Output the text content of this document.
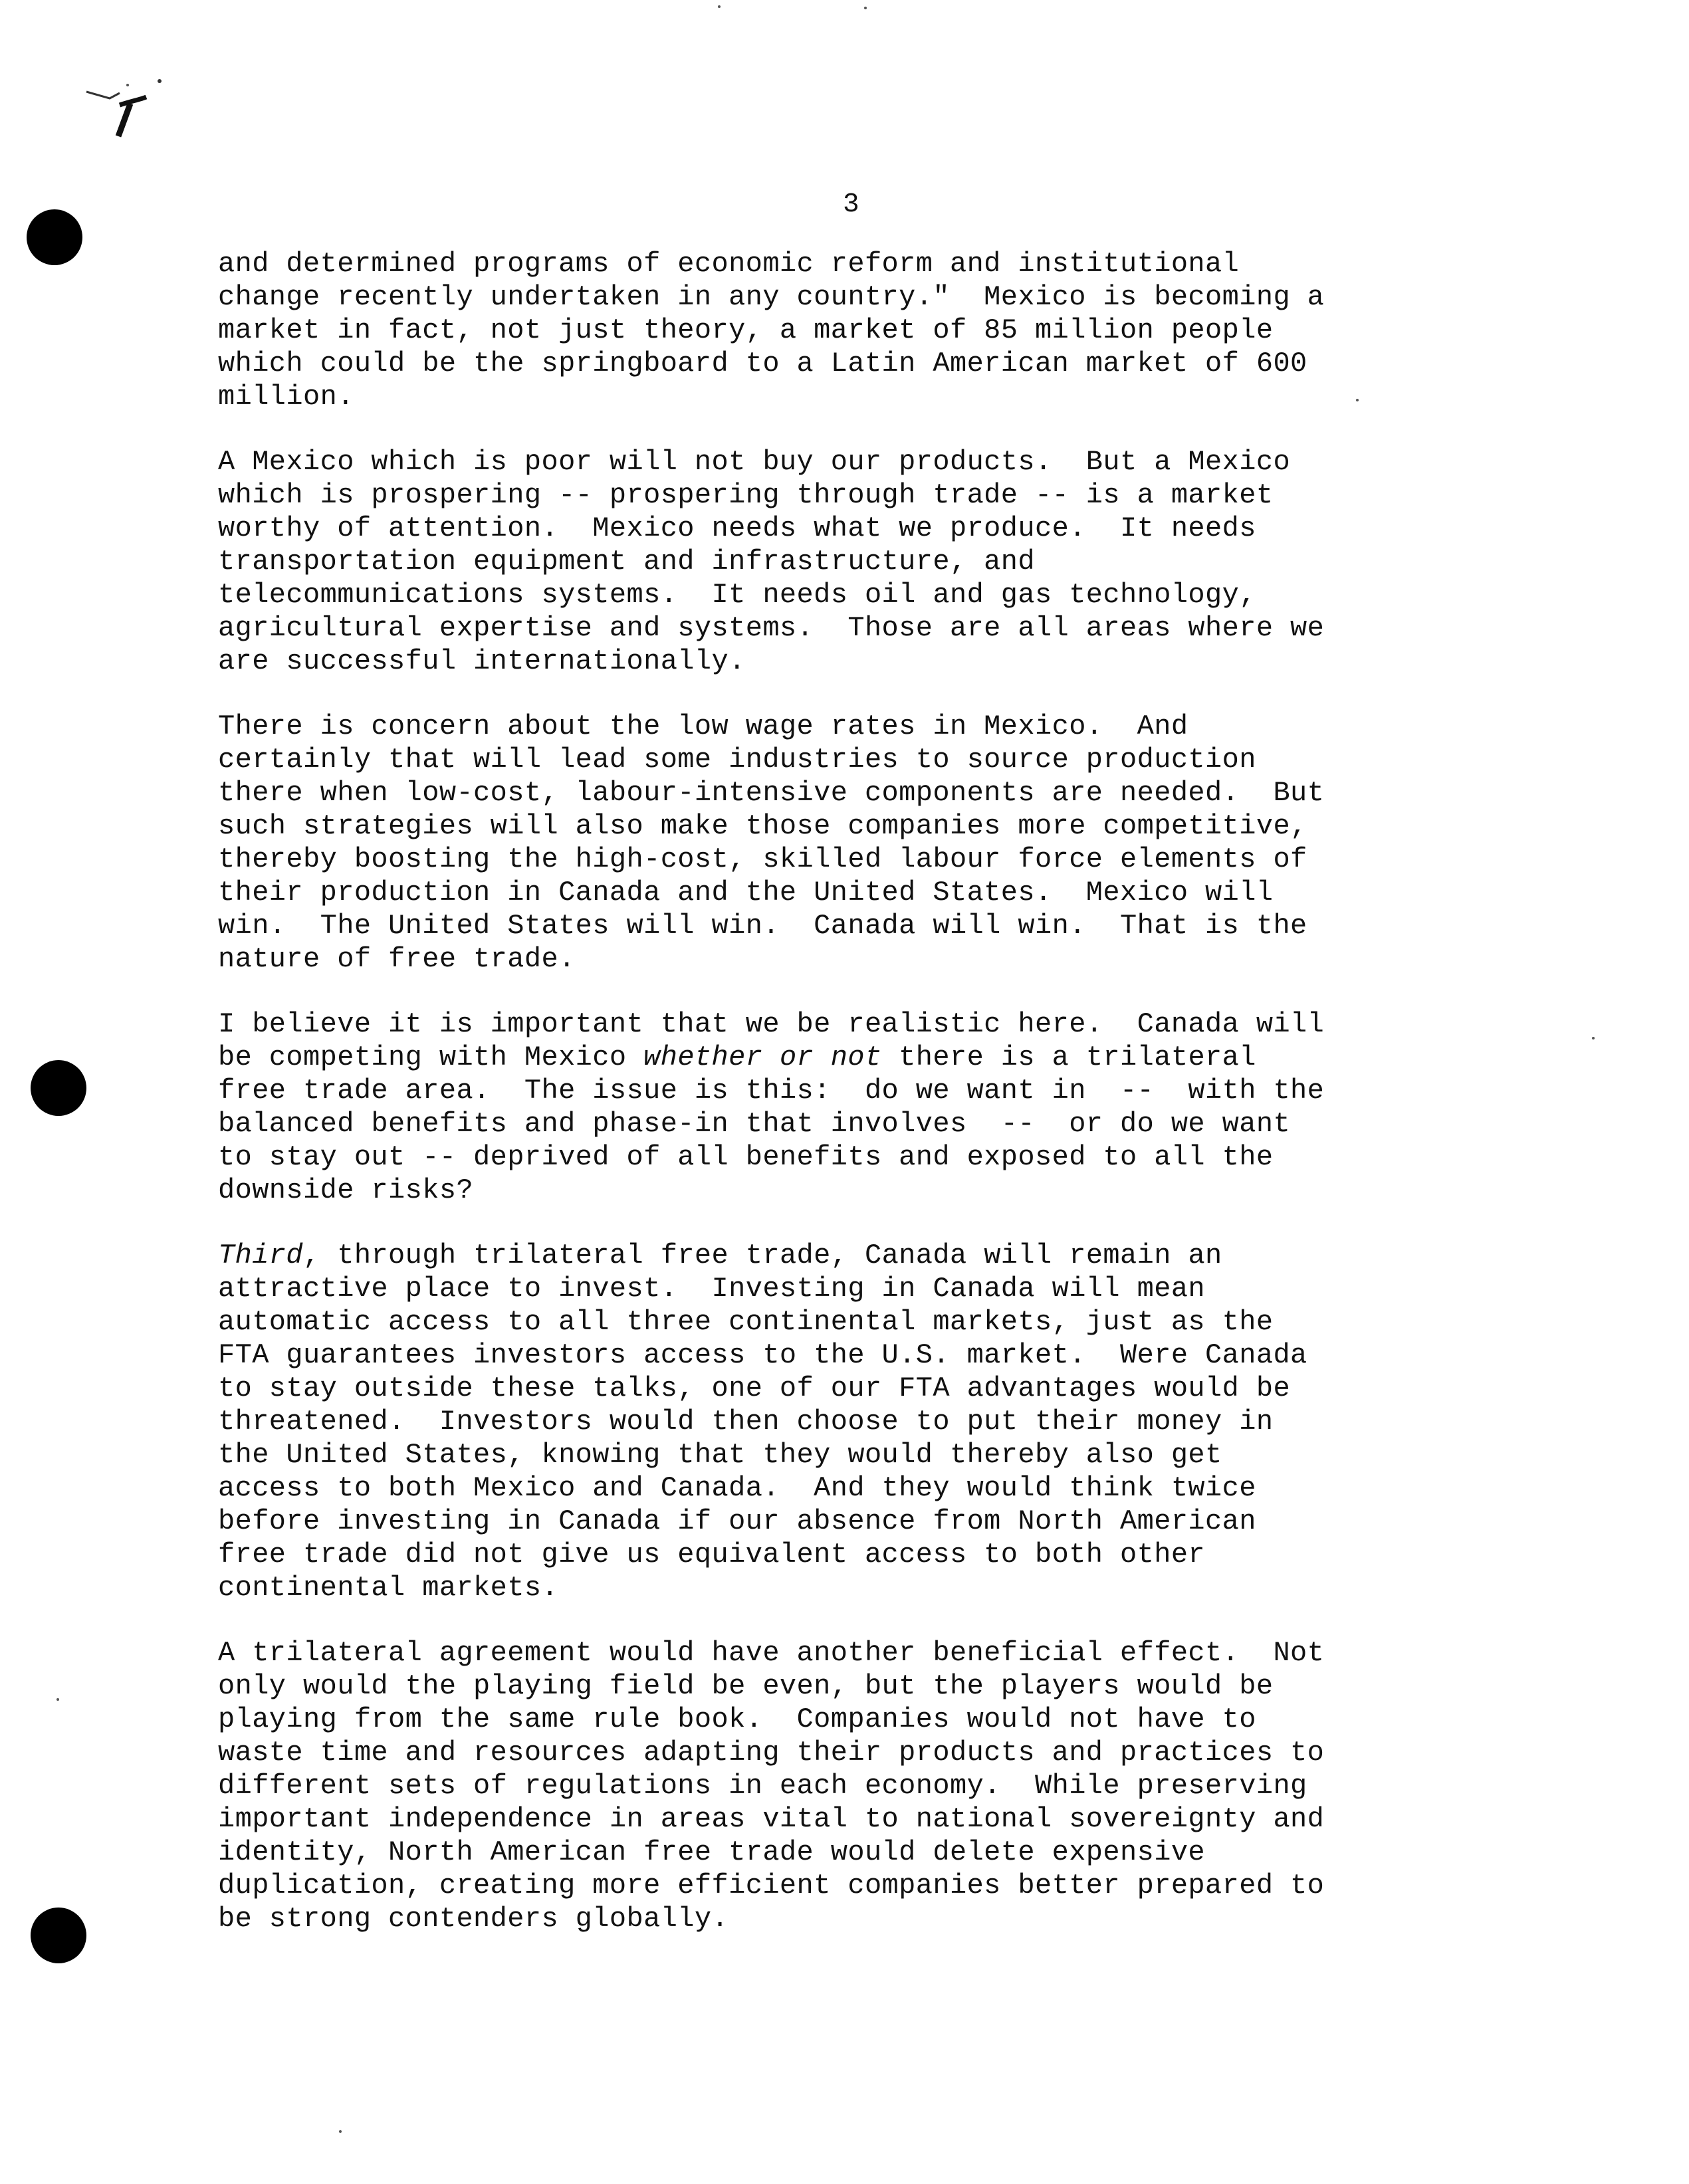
3
and determined programs of economic reform and institutional
change recently undertaken in any country."  Mexico is becoming a
market in fact, not just theory, a market of 85 million people
which could be the springboard to a Latin American market of 600
million.
A Mexico which is poor will not buy our products.  But a Mexico
which is prospering -- prospering through trade -- is a market
worthy of attention.  Mexico needs what we produce.  It needs
transportation equipment and infrastructure, and
telecommunications systems.  It needs oil and gas technology,
agricultural expertise and systems.  Those are all areas where we
are successful internationally.
There is concern about the low wage rates in Mexico.  And
certainly that will lead some industries to source production
there when low-cost, labour-intensive components are needed.  But
such strategies will also make those companies more competitive,
thereby boosting the high-cost, skilled labour force elements of
their production in Canada and the United States.  Mexico will
win.  The United States will win.  Canada will win.  That is the
nature of free trade.
I believe it is important that we be realistic here.  Canada will
be competing with Mexico whether or not there is a trilateral
free trade area.  The issue is this:  do we want in  --  with the
balanced benefits and phase-in that involves  --  or do we want
to stay out -- deprived of all benefits and exposed to all the
downside risks?
Third, through trilateral free trade, Canada will remain an
attractive place to invest.  Investing in Canada will mean
automatic access to all three continental markets, just as the
FTA guarantees investors access to the U.S. market.  Were Canada
to stay outside these talks, one of our FTA advantages would be
threatened.  Investors would then choose to put their money in
the United States, knowing that they would thereby also get
access to both Mexico and Canada.  And they would think twice
before investing in Canada if our absence from North American
free trade did not give us equivalent access to both other
continental markets.
A trilateral agreement would have another beneficial effect.  Not
only would the playing field be even, but the players would be
playing from the same rule book.  Companies would not have to
waste time and resources adapting their products and practices to
different sets of regulations in each economy.  While preserving
important independence in areas vital to national sovereignty and
identity, North American free trade would delete expensive
duplication, creating more efficient companies better prepared to
be strong contenders globally.
